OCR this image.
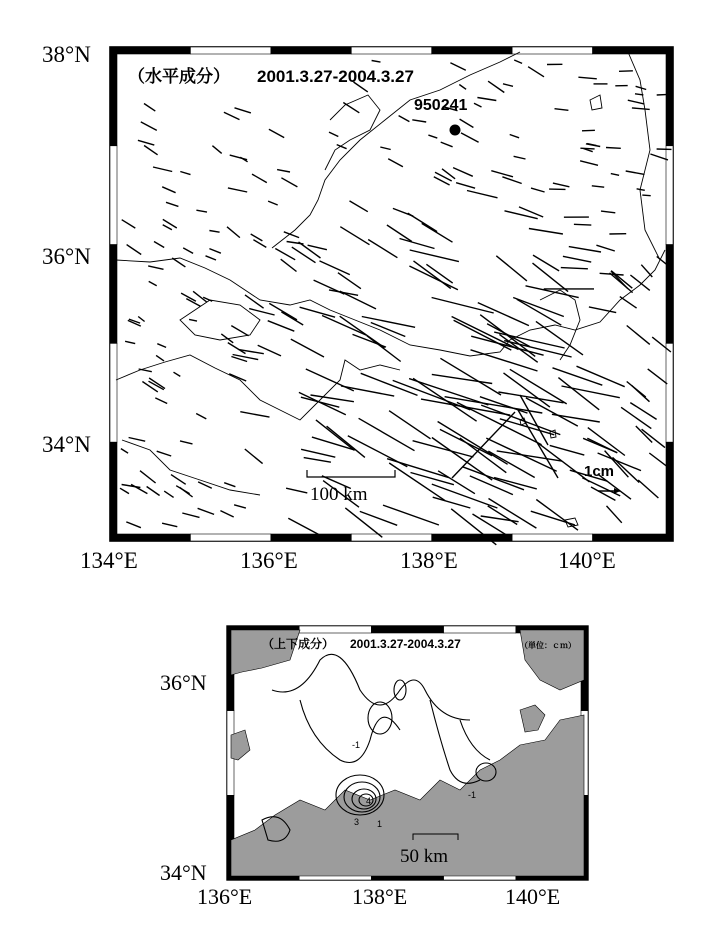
950241
（水平成分） 2001.3.27-2004.3.27
100 km
1cm
38°N
36°N
34°N
134°E	136°E	138°E	140°E
-1
3
4
1
-1
（上下成分） 2001.3.27-2004.3.27	（単位：ｃｍ）
50 km
36°N
34°N
136°E	138°E	140°E
